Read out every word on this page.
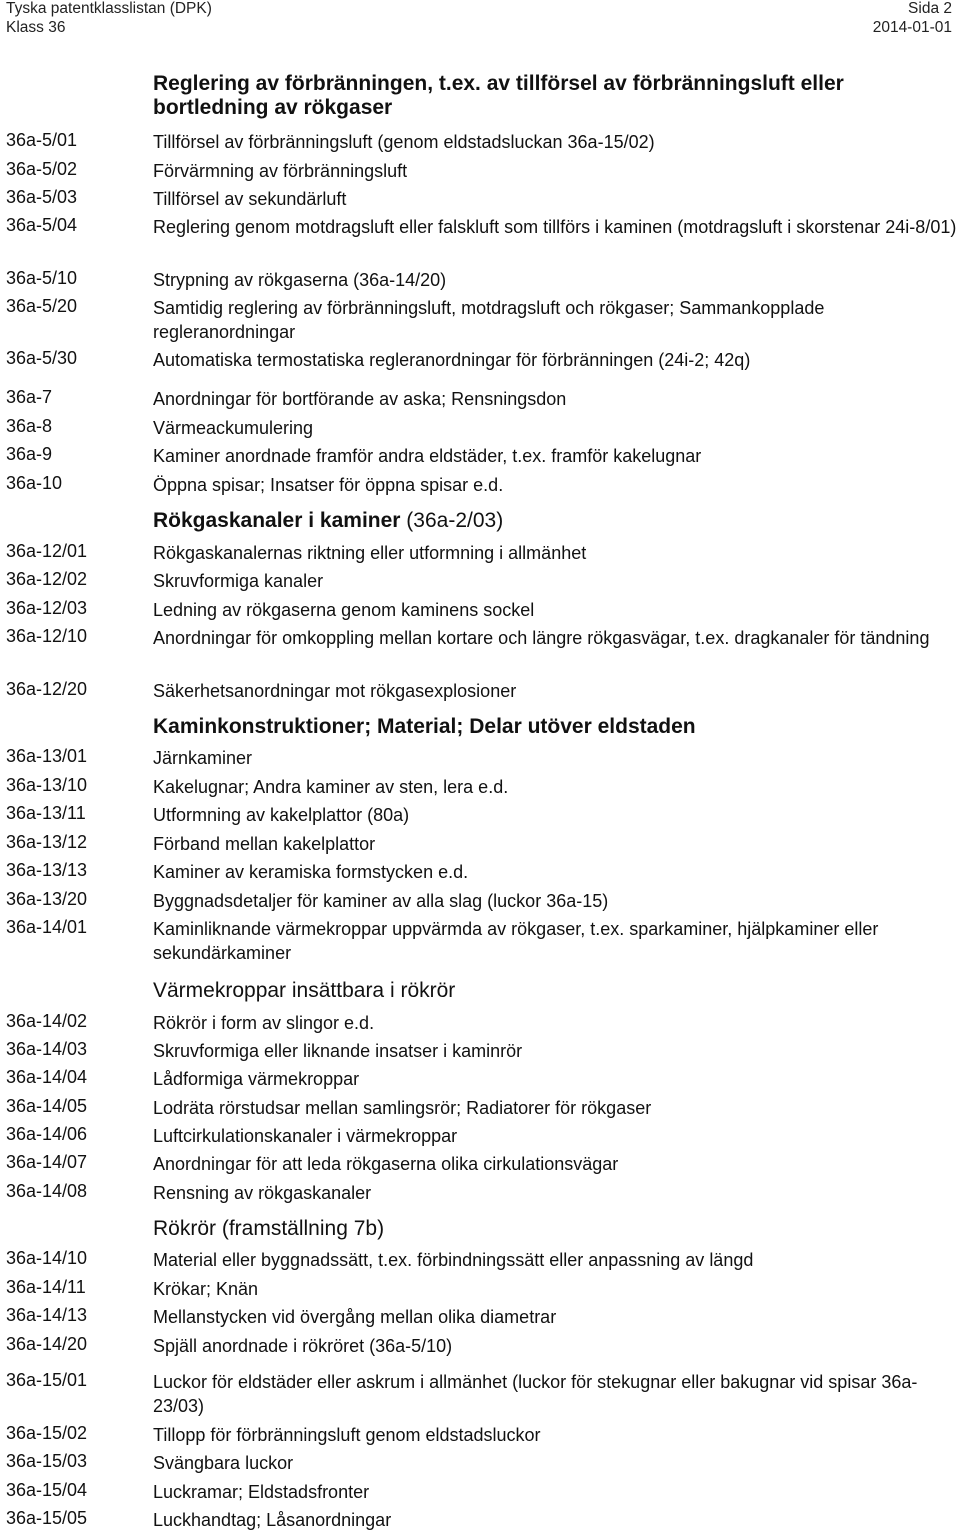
Tyska patentklasslistan (DPK)
Klass 36
Sida 2
2014-01-01
Reglering av förbränningen, t.ex. av tillförsel av förbränningsluft eller
bortledning av rökgaser
36a-5/01	Tillförsel av förbränningsluft (genom eldstadsluckan 36a-15/02)
36a-5/02	Förvärmning av förbränningsluft
36a-5/03	Tillförsel av sekundärluft
36a-5/04	Reglering genom motdragsluft eller falskluft som tillförs i kaminen (motdragsluft i skorstenar 24i-8/01)
36a-5/10	Strypning av rökgaserna (36a-14/20)
36a-5/20	Samtidig reglering av förbränningsluft, motdragsluft och rökgaser; Sammankopplade regleranordningar
36a-5/30	Automatiska termostatiska regleranordningar för förbränningen (24i-2; 42q)
36a-7	Anordningar för bortförande av aska; Rensningsdon
36a-8	Värmeackumulering
36a-9	Kaminer anordnade framför andra eldstäder, t.ex. framför kakelugnar
36a-10	Öppna spisar; Insatser för öppna spisar e.d.
Rökgaskanaler i kaminer (36a-2/03)
36a-12/01	Rökgaskanalernas riktning eller utformning i allmänhet
36a-12/02	Skruvformiga kanaler
36a-12/03	Ledning av rökgaserna genom kaminens sockel
36a-12/10	Anordningar för omkoppling mellan kortare och längre rökgasvägar, t.ex. dragkanaler för tändning
36a-12/20	Säkerhetsanordningar mot rökgasexplosioner
Kaminkonstruktioner; Material; Delar utöver eldstaden
36a-13/01	Järnkaminer
36a-13/10	Kakelugnar; Andra kaminer av sten, lera e.d.
36a-13/11	Utformning av kakelplattor (80a)
36a-13/12	Förband mellan kakelplattor
36a-13/13	Kaminer av keramiska formstycken e.d.
36a-13/20	Byggnadsdetaljer för kaminer av alla slag (luckor 36a-15)
36a-14/01	Kaminliknande värmekroppar uppvärmda av rökgaser, t.ex. sparkaminer, hjälpkaminer eller sekundärkaminer
Värmekroppar insättbara i rökrör
36a-14/02	Rökrör i form av slingor e.d.
36a-14/03	Skruvformiga eller liknande insatser i kaminrör
36a-14/04	Lådformiga värmekroppar
36a-14/05	Lodräta rörstudsar mellan samlingsrör; Radiatorer för rökgaser
36a-14/06	Luftcirkulationskanaler i värmekroppar
36a-14/07	Anordningar för att leda rökgaserna olika cirkulationsvägar
36a-14/08	Rensning av rökgaskanaler
Rökrör (framställning 7b)
36a-14/10	Material eller byggnadssätt, t.ex. förbindningssätt eller anpassning av längd
36a-14/11	Krökar; Knän
36a-14/13	Mellanstycken vid övergång mellan olika diametrar
36a-14/20	Spjäll anordnade i rökröret (36a-5/10)
36a-15/01	Luckor för eldstäder eller askrum i allmänhet (luckor för stekugnar eller bakugnar vid spisar 36a-23/03)
36a-15/02	Tillopp för förbränningsluft genom eldstadsluckor
36a-15/03	Svängbara luckor
36a-15/04	Luckramar; Eldstadsfronter
36a-15/05	Luckhandtag; Låsanordningar
